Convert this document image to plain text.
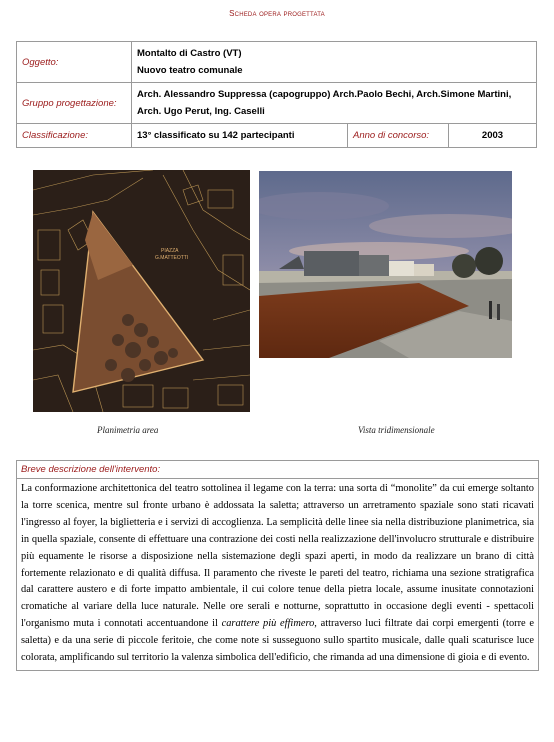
Scheda opera progettata
Oggetto:	Montalto di Castro (VT)
Nuovo teatro comunale		

Gruppo progettazione:	Arch. Alessandro Suppressa (capogruppo) Arch.Paolo Bechi, Arch.Simone Martini, Arch. Ugo Perut, Ing. Caselli		
Classificazione:	13° classificato su 142 partecipanti	Anno di concorso:	2003
PIAZZA
G.MATTEOTTI
Planimetria area	Vista tridimensionale
Breve descrizione dell'intervento:
La conformazione architettonica del teatro sottolinea il legame con la terra: una sorta di “monolite” da cui emerge soltanto la torre scenica, mentre sul fronte urbano è addossata la saletta; attraverso un arretramento spaziale sono stati ricavati l'ingresso al foyer, la biglietteria e i servizi di accoglienza. La semplicità delle linee sia nella distribuzione planimetrica, sia in quella spaziale, consente di effettuare una contrazione dei costi nella realizzazione dell'involucro strutturale e distribuire più equamente le risorse a disposizione nella sistemazione degli spazi aperti, in modo da realizzare un brano di città fortemente relazionato e di qualità diffusa. Il paramento che riveste le pareti del teatro, richiama una sezione stratigrafica dal carattere austero e di forte impatto ambientale, il cui colore tenue della pietra locale, assume inusitate connotazioni cromatiche al variare della luce naturale. Nelle ore serali e notturne, soprattutto in occasione degli eventi - spettacoli l'organismo muta i connotati accentuandone il carattere più effimero, attraverso luci filtrate dai corpi emergenti (torre e saletta) e da una serie di piccole feritoie, che come note si susseguono sullo spartito musicale, dalle quali scaturisce luce colorata, amplificando sul territorio la valenza simbolica dell'edificio, che rimanda ad una dimensione di gioia e di evento.
